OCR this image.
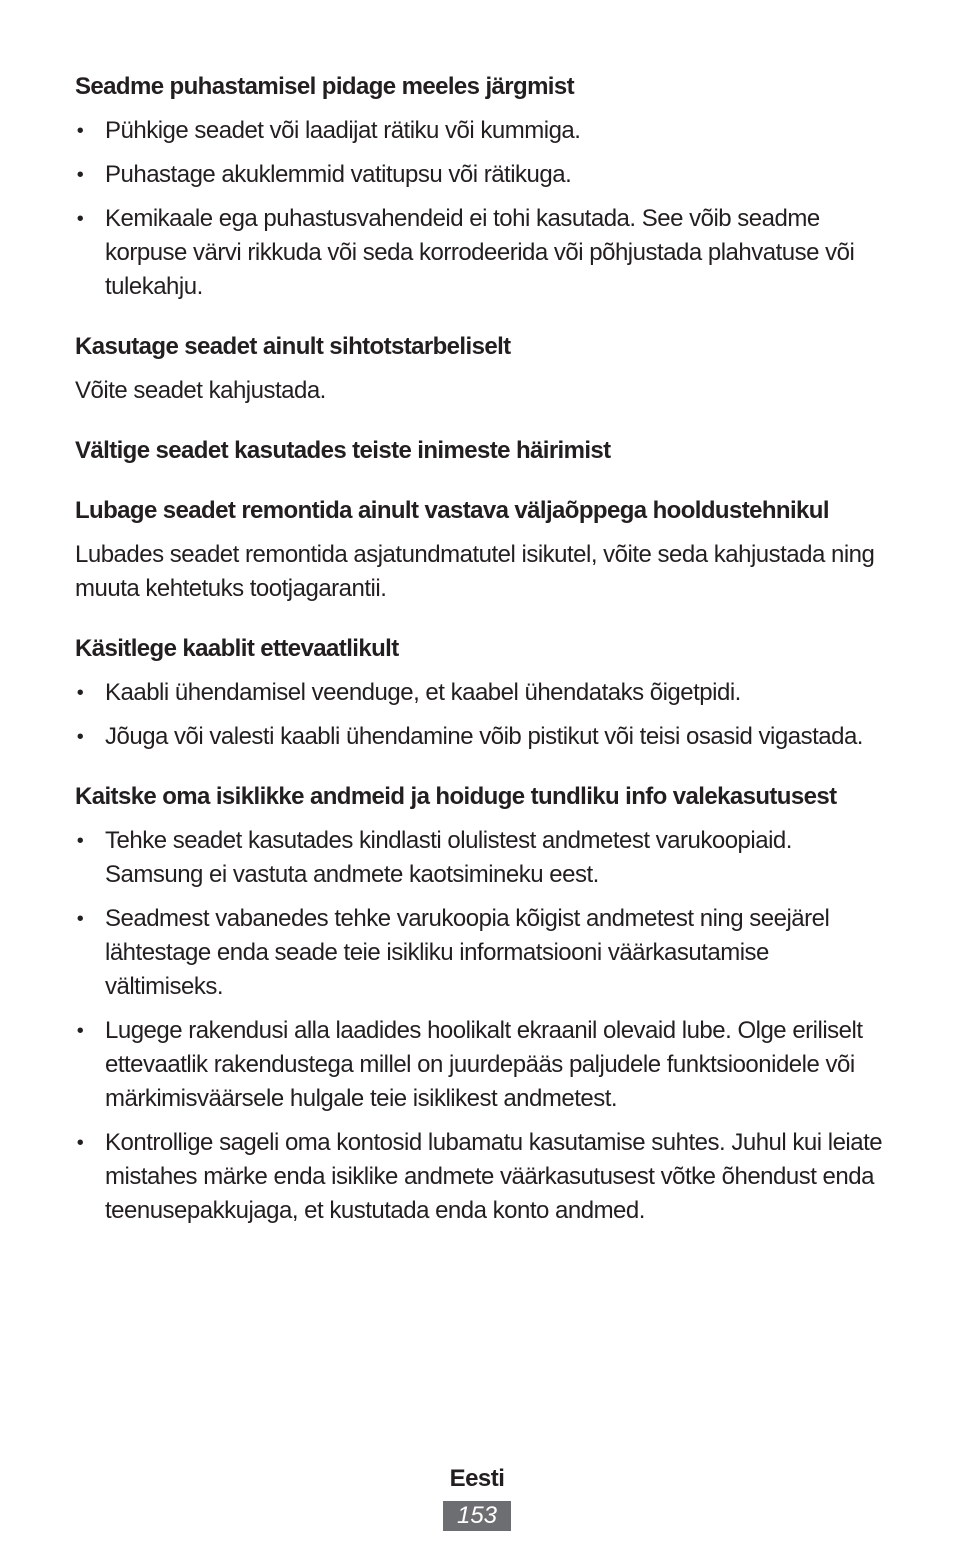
Seadme puhastamisel pidage meeles järgmist

• Pühkige seadet või laadijat rätiku või kummiga.
• Puhastage akuklemmid vatitupsu või rätikuga.
• Kemikaale ega puhastusvahendeid ei tohi kasutada. See võib seadme korpuse värvi rikkuda või seda korrodeerida või põhjustada plahvatuse või tulekahju.

Kasutage seadet ainult sihtotstarbeliselt

Võite seadet kahjustada.

Vältige seadet kasutades teiste inimeste häirimist

Lubage seadet remontida ainult vastava väljaõppega hooldustehnikul

Lubades seadet remontida asjatundmatutel isikutel, võite seda kahjustada ning muuta kehtetuks tootjagarantii.

Käsitlege kaablit ettevaatlikult

• Kaabli ühendamisel veenduge, et kaabel ühendataks õigetpidi.
• Jõuga või valesti kaabli ühendamine võib pistikut või teisi osasid vigastada.

Kaitske oma isiklikke andmeid ja hoiduge tundliku info valekasutusest

• Tehke seadet kasutades kindlasti olulistest andmetest varukoopiaid. Samsung ei vastuta andmete kaotsimineku eest.
• Seadmest vabanedes tehke varukoopia kõigist andmetest ning seejärel lähtestage enda seade teie isikliku informatsiooni väärkasutamise vältimiseks.
• Lugege rakendusi alla laadides hoolikalt ekraanil olevaid lube. Olge eriliselt ettevaatlik rakendustega millel on juurdepääs paljudele funktsioonidele või märkimisväärsele hulgale teie isiklikest andmetest.
• Kontrollige sageli oma kontosid lubamatu kasutamise suhtes. Juhul kui leiate mistahes märke enda isiklike andmete väärkasutusest võtke õhendust enda teenusepakkujaga, et kustutada enda konto andmed.
Eesti
153
